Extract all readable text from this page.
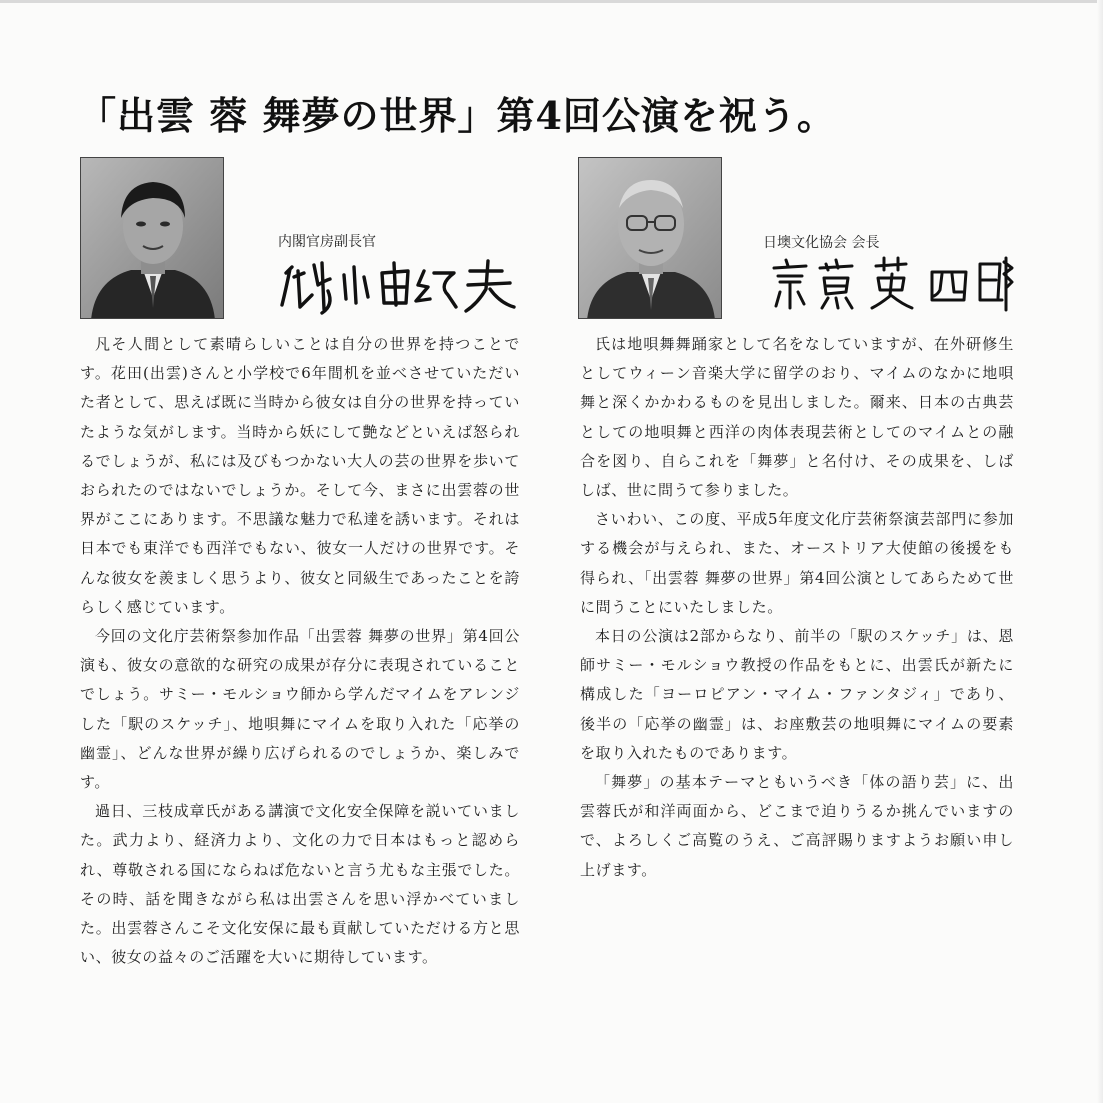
「出雲 蓉 舞夢の世界」第4回公演を祝う。
内閣官房副長官	日墺文化協会 会長

凡そ人間として素晴らしいことは自分の世界を持つことです。花田(出雲)さんと小学校で6年間机を並べさせていただいた者として、思えば既に当時から彼女は自分の世界を持っていたような気がします。当時から妖にして艶などといえば怒られるでしょうが、私には及びもつかない大人の芸の世界を歩いておられたのではないでしょうか。そして今、まさに出雲蓉の世界がここにあります。不思議な魅力で私達を誘います。それは日本でも東洋でも西洋でもない、彼女一人だけの世界です。そんな彼女を羨ましく思うより、彼女と同級生であったことを誇らしく感じています。

今回の文化庁芸術祭参加作品「出雲蓉 舞夢の世界」第4回公演も、彼女の意欲的な研究の成果が存分に表現されていることでしょう。サミー・モルショウ師から学んだマイムをアレンジした「駅のスケッチ」、地唄舞にマイムを取り入れた「応挙の幽霊」、どんな世界が繰り広げられるのでしょうか、楽しみです。

過日、三枝成章氏がある講演で文化安全保障を説いていました。武力より、経済力より、文化の力で日本はもっと認められ、尊敬される国にならねば危ないと言う尤もな主張でした。その時、話を聞きながら私は出雲さんを思い浮かべていました。出雲蓉さんこそ文化安保に最も貢献していただける方と思い、彼女の益々のご活躍を大いに期待しています。

氏は地唄舞舞踊家として名をなしていますが、在外研修生としてウィーン音楽大学に留学のおり、マイムのなかに地唄舞と深くかかわるものを見出しました。爾来、日本の古典芸としての地唄舞と西洋の肉体表現芸術としてのマイムとの融合を図り、自らこれを「舞夢」と名付け、その成果を、しばしば、世に問うて参りました。

さいわい、この度、平成5年度文化庁芸術祭演芸部門に参加する機会が与えられ、また、オーストリア大使館の後援をも得られ、「出雲蓉 舞夢の世界」第4回公演としてあらためて世に問うことにいたしました。

本日の公演は2部からなり、前半の「駅のスケッチ」は、恩師サミー・モルショウ教授の作品をもとに、出雲氏が新たに構成した「ヨーロピアン・マイム・ファンタジィ」であり、後半の「応挙の幽霊」は、お座敷芸の地唄舞にマイムの要素を取り入れたものであります。

「舞夢」の基本テーマともいうべき「体の語り芸」に、出雲蓉氏が和洋両面から、どこまで迫りうるか挑んでいますので、よろしくご高覧のうえ、ご高評賜りますようお願い申し上げます。
